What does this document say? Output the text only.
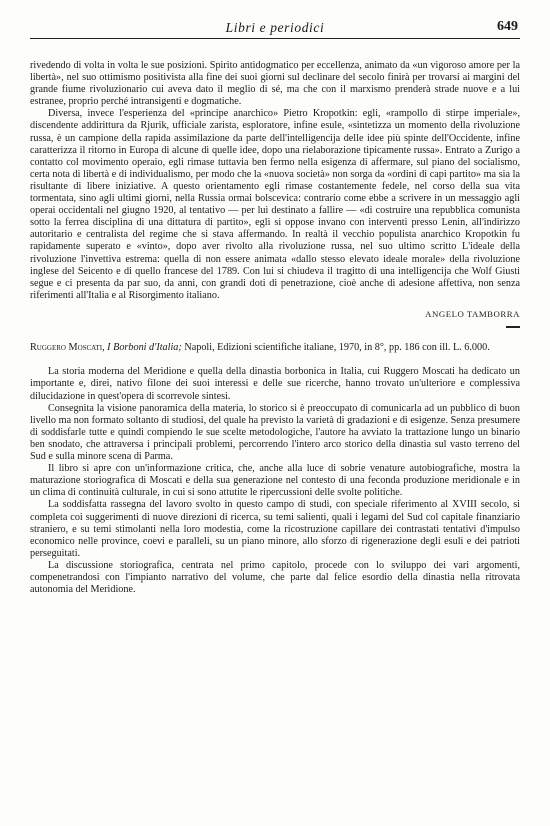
Libri e periodici	649

rivedendo di volta in volta le sue posizioni. Spirito antidogmatico per eccellenza, animato da «un vigoroso amore per la libertà», nel suo ottimismo positivista alla fine dei suoi giorni sul declinare del secolo finirà per trovarsi ai margini del grande fiume rivoluzionario cui aveva dato il meglio di sé, ma che con il marxismo prenderà strade nuove e a lui estranee, proprio perché intransigenti e dogmatiche.

Diversa, invece l'esperienza del «principe anarchico» Pietro Kropotkin: egli, «rampollo di stirpe imperiale», discendente addirittura da Rjurik, ufficiale zarista, esploratore, infine esule, «sintetizza un momento della rivoluzione russa, è un campione della rapida assimilazione da parte dell'intelligencija delle idee più spinte dell'Occidente, infine caratterizza il ritorno in Europa di alcune di quelle idee, dopo una rielaborazione tipicamente russa». Entrato a Zurigo a contatto col movimento operaio, egli rimase tuttavia ben fermo nella esigenza di affermare, sul piano del socialismo, certa nota di libertà e di individualismo, per modo che la «nuova società» non sorga da «ordini di capi partito» ma sia la risultante di libere iniziative. A questo orientamento egli rimase costantemente fedele, nel corso della sua vita tormentata, sino agli ultimi giorni, nella Russia ormai bolscevica: contrario come ebbe a scrivere in un messaggio agli operai occidentali nel giugno 1920, al tentativo — per lui destinato a fallire — «di costruire una repubblica comunista sotto la ferrea disciplina di una dittatura di partito», egli si oppose invano con interventi presso Lenin, all'indirizzo autoritario e centralista del regime che si stava affermando. In realtà il vecchio populista anarchico Kropotkin fu rapidamente superato e «vinto», dopo aver rivolto alla rivoluzione russa, nel suo ultimo scritto L'ideale della rivoluzione l'invettiva estrema: quella di non essere animata «dallo stesso elevato ideale morale» della rivoluzione inglese del Seicento e di quello francese del 1789. Con lui si chiudeva il tragitto di una intelligencija che Wolf Giusti segue e ci presenta da par suo, da anni, con grandi doti di penetrazione, cioè anche di adesione affettiva, non senza riferimenti all'Italia e al Risorgimento italiano.

ANGELO TAMBORRA

Ruggero Moscati, I Borboni d'Italia; Napoli, Edizioni scientifiche italiane, 1970, in 8°, pp. 186 con ill. L. 6.000.

La storia moderna del Meridione e quella della dinastia borbonica in Italia, cui Ruggero Moscati ha dedicato un importante e, direi, nativo filone dei suoi interessi e delle sue ricerche, hanno trovato un'ulteriore e complessiva dilucidazione in quest'opera di scorrevole sintesi.

Consegnita la visione panoramica della materia, lo storico si è preoccupato di comunicarla ad un pubblico di buon livello ma non formato soltanto di studiosi, del quale ha previsto la varietà di gradazioni e di esigenze. Senza presumere di soddisfarle tutte e quindi compiendo le sue scelte metodologiche, l'autore ha avviato la trattazione lungo un binario ben snodato, che attraversa i principali problemi, percorrendo l'intero arco storico della dinastia sul vasto terreno del Sud e sulla minore scena di Parma.

Il libro si apre con un'informazione critica, che, anche alla luce di sobrie venature autobiografiche, mostra la maturazione storiografica di Moscati e della sua generazione nel contesto di una feconda produzione meridionale e in un clima di continuità culturale, in cui si sono attutite le ripercussioni delle svolte politiche.

La soddisfatta rassegna del lavoro svolto in questo campo di studi, con speciale riferimento al XVIII secolo, si completa coi suggerimenti di nuove direzioni di ricerca, su temi salienti, quali i legami del Sud col capitale finanziario straniero, e su temi stimolanti nella loro modestia, come la ricostruzione capillare dei contrastati tentativi d'impulso economico nelle province, coevi e paralleli, su un piano minore, allo sforzo di rigenerazione degli esuli e dei patrioti perseguitati.

La discussione storiografica, centrata nel primo capitolo, procede con lo sviluppo dei vari argomenti, compenetrandosi con l'impianto narrativo del volume, che parte dal felice esordio della dinastia nella ritrovata autonomia del Meridione.
